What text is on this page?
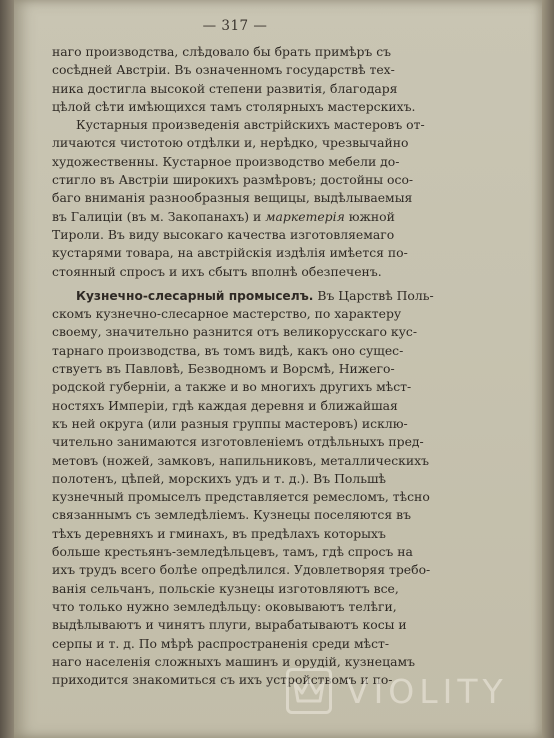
— 317 —
наго производства, слѣдовало бы брать примѣръ съ
сосѣдней Австріи. Въ означенномъ государствѣ тех-
ника достигла высокой степени развитія, благодаря
цѣлой сѣти имѣющихся тамъ столярныхъ мастерскихъ.
Кустарныя произведенія австрійскихъ мастеровъ от-
личаются чистотою отдѣлки и, нерѣдко, чрезвычайно
художественны. Кустарное производство мебели до-
стигло въ Австріи широкихъ размѣровъ; достойны осо-
баго вниманія разнообразныя вещицы, выдѣлываемыя
въ Галиціи (въ м. Закопанахъ) и маркетерія южной
Тироли. Въ виду высокаго качества изготовляемаго
кустарями товара, на австрійскія издѣлія имѣется по-
стоянный спросъ и ихъ сбытъ вполнѣ обезпеченъ.
Кузнечно-слесарный промыселъ. Въ Царствѣ Поль-
скомъ кузнечно-слесарное мастерство, по характеру
своему, значительно разнится отъ великорусскаго кус-
тарнаго производства, въ томъ видѣ, какъ оно сущес-
ствуетъ въ Павловѣ, Безводномъ и Ворсмѣ, Нижего-
родской губерніи, а также и во многихъ другихъ мѣст-
ностяхъ Имперіи, гдѣ каждая деревня и ближайшая
къ ней округа (или разныя группы мастеровъ) исклю-
чительно занимаются изготовленіемъ отдѣльныхъ пред-
метовъ (ножей, замковъ, напильниковъ, металлическихъ
полотенъ, цѣпей, морскихъ удъ и т. д.). Въ Польшѣ
кузнечный промыселъ представляется ремесломъ, тѣсно
связаннымъ съ земледѣліемъ. Кузнецы поселяются въ
тѣхъ деревняхъ и гминахъ, въ предѣлахъ которыхъ
больше крестьянъ-земледѣльцевъ, тамъ, гдѣ спросъ на
ихъ трудъ всего болѣе опредѣлился. Удовлетворяя требо-
ванія сельчанъ, польскіе кузнецы изготовляютъ все,
что только нужно земледѣльцу: оковываютъ телѣги,
выдѣлываютъ и чинятъ плуги, вырабатываютъ косы и
серпы и т. д. По мѣрѣ распространенія среди мѣст-
наго населенія сложныхъ машинъ и орудій, кузнецамъ
приходится знакомиться съ ихъ устройствомъ и по-
VIOLITY
